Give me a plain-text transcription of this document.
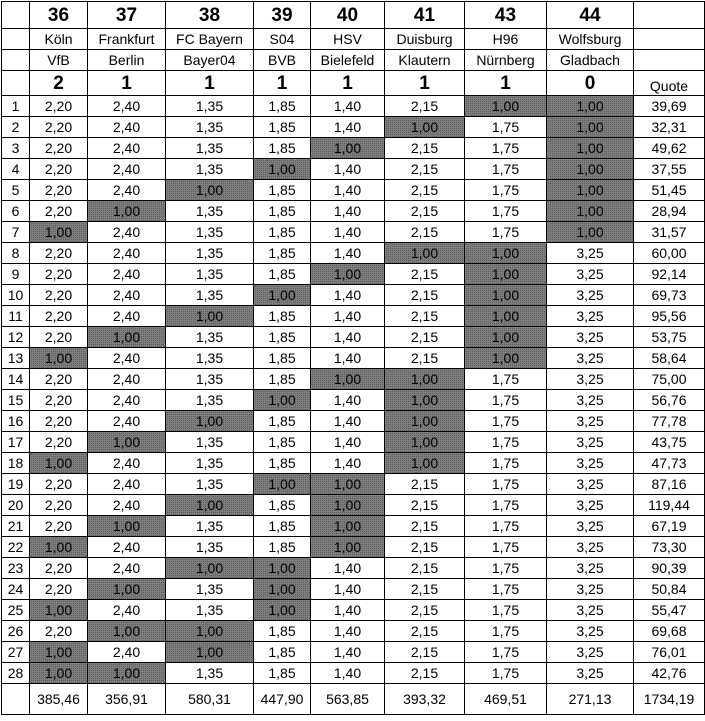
	36	37	38	39	40	41	43	44	
	Köln	Frankfurt	FC Bayern	S04	HSV	Duisburg	H96	Wolfsburg	
	VfB	Berlin	Bayer04	BVB	Bielefeld	Klautern	Nürnberg	Gladbach	
	2	1	1	1	1	1	1	0	Quote
1	2,20	2,40	1,35	1,85	1,40	2,15	1,00	1,00	39,69
2	2,20	2,40	1,35	1,85	1,40	1,00	1,75	1,00	32,31
3	2,20	2,40	1,35	1,85	1,00	2,15	1,75	1,00	49,62
4	2,20	2,40	1,35	1,00	1,40	2,15	1,75	1,00	37,55
5	2,20	2,40	1,00	1,85	1,40	2,15	1,75	1,00	51,45
6	2,20	1,00	1,35	1,85	1,40	2,15	1,75	1,00	28,94
7	1,00	2,40	1,35	1,85	1,40	2,15	1,75	1,00	31,57
8	2,20	2,40	1,35	1,85	1,40	1,00	1,00	3,25	60,00
9	2,20	2,40	1,35	1,85	1,00	2,15	1,00	3,25	92,14
10	2,20	2,40	1,35	1,00	1,40	2,15	1,00	3,25	69,73
11	2,20	2,40	1,00	1,85	1,40	2,15	1,00	3,25	95,56
12	2,20	1,00	1,35	1,85	1,40	2,15	1,00	3,25	53,75
13	1,00	2,40	1,35	1,85	1,40	2,15	1,00	3,25	58,64
14	2,20	2,40	1,35	1,85	1,00	1,00	1,75	3,25	75,00
15	2,20	2,40	1,35	1,00	1,40	1,00	1,75	3,25	56,76
16	2,20	2,40	1,00	1,85	1,40	1,00	1,75	3,25	77,78
17	2,20	1,00	1,35	1,85	1,40	1,00	1,75	3,25	43,75
18	1,00	2,40	1,35	1,85	1,40	1,00	1,75	3,25	47,73
19	2,20	2,40	1,35	1,00	1,00	2,15	1,75	3,25	87,16
20	2,20	2,40	1,00	1,85	1,00	2,15	1,75	3,25	119,44
21	2,20	1,00	1,35	1,85	1,00	2,15	1,75	3,25	67,19
22	1,00	2,40	1,35	1,85	1,00	2,15	1,75	3,25	73,30
23	2,20	2,40	1,00	1,00	1,40	2,15	1,75	3,25	90,39
24	2,20	1,00	1,35	1,00	1,40	2,15	1,75	3,25	50,84
25	1,00	2,40	1,35	1,00	1,40	2,15	1,75	3,25	55,47
26	2,20	1,00	1,00	1,85	1,40	2,15	1,75	3,25	69,68
27	1,00	2,40	1,00	1,85	1,40	2,15	1,75	3,25	76,01
28	1,00	1,00	1,35	1,85	1,40	2,15	1,75	3,25	42,76
	385,46	356,91	580,31	447,90	563,85	393,32	469,51	271,13	1734,19
